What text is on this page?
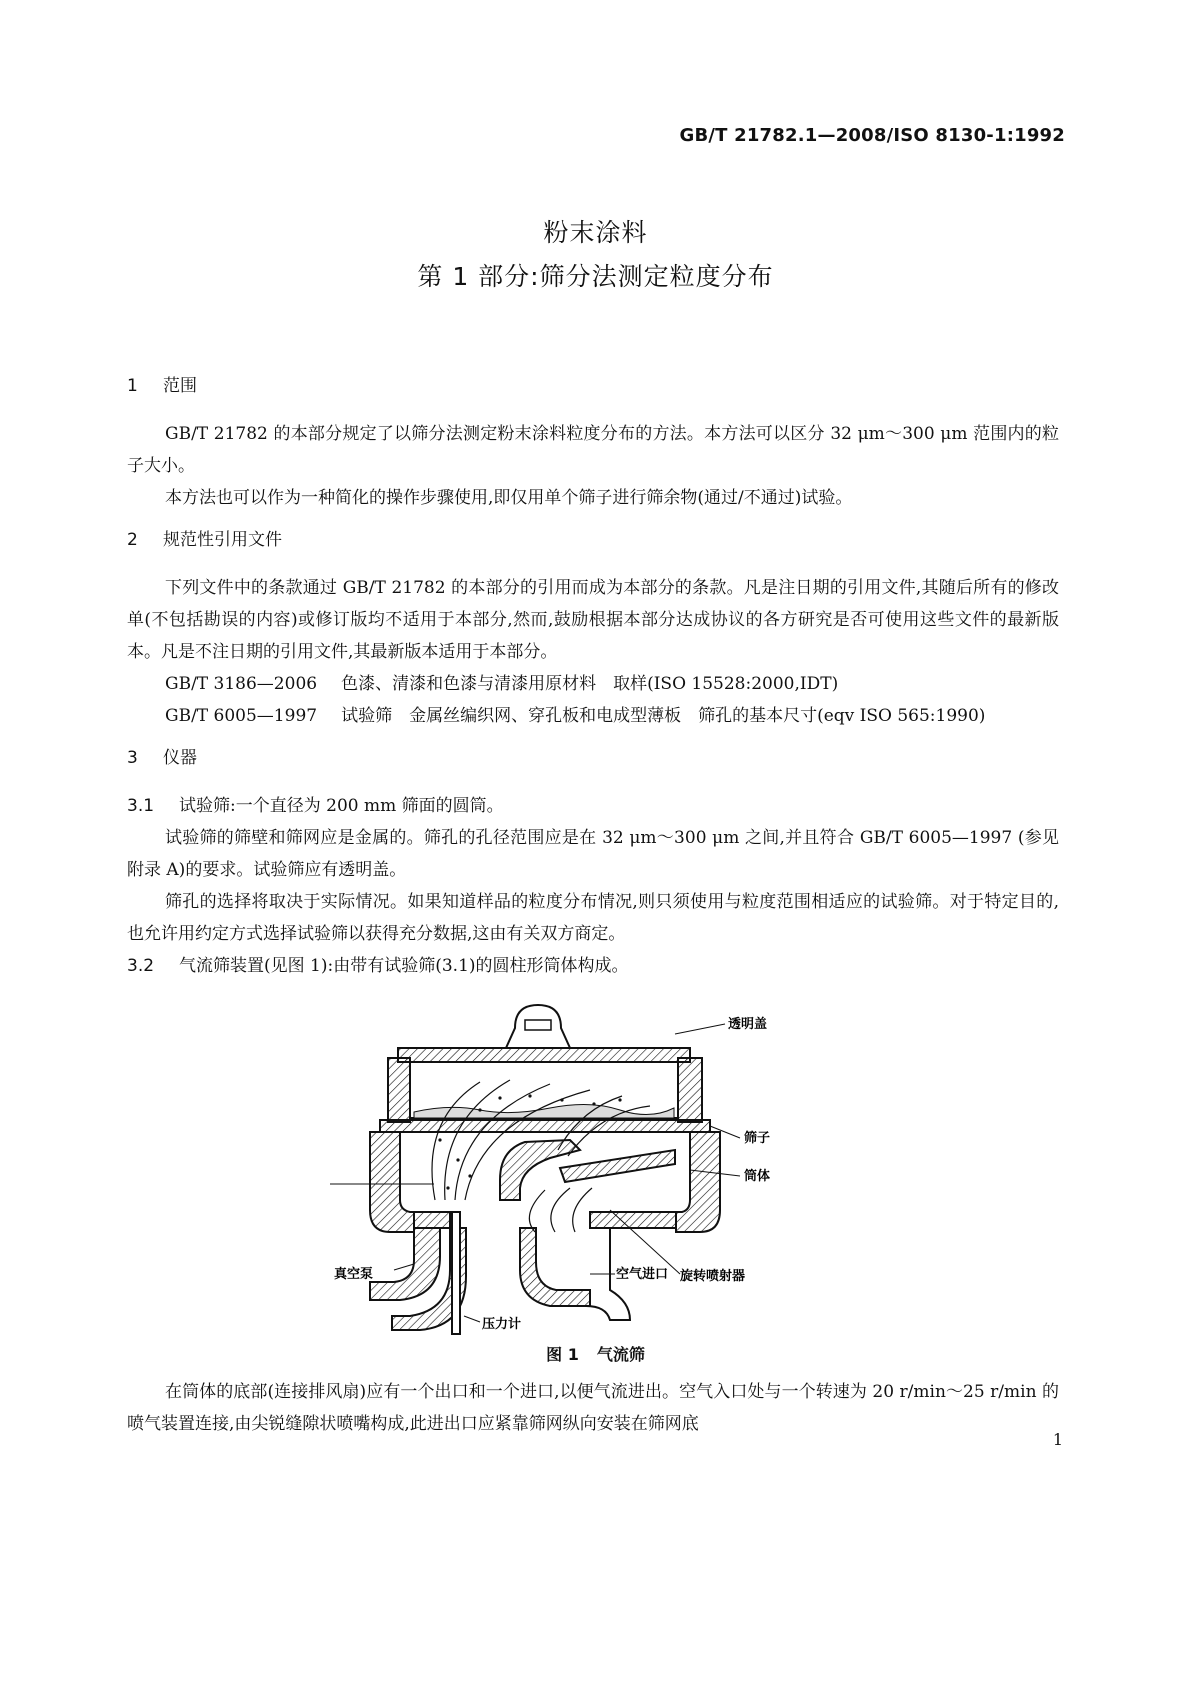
GB/T 21782.1—2008/ISO 8130-1:1992
粉末涂料
第 1 部分:筛分法测定粒度分布
1 范围

GB/T 21782 的本部分规定了以筛分法测定粉末涂料粒度分布的方法。本方法可以区分 32 μm～300 μm 范围内的粒子大小。

本方法也可以作为一种简化的操作步骤使用,即仅用单个筛子进行筛余物(通过/不通过)试验。

2 规范性引用文件

下列文件中的条款通过 GB/T 21782 的本部分的引用而成为本部分的条款。凡是注日期的引用文件,其随后所有的修改单(不包括勘误的内容)或修订版均不适用于本部分,然而,鼓励根据本部分达成协议的各方研究是否可使用这些文件的最新版本。凡是不注日期的引用文件,其最新版本适用于本部分。

GB/T 3186—2006 色漆、清漆和色漆与清漆用原材料　取样(ISO 15528:2000,IDT)

GB/T 6005—1997 试验筛　金属丝编织网、穿孔板和电成型薄板　筛孔的基本尺寸(eqv ISO 565:1990)

3 仪器

3.1 试验筛:一个直径为 200 mm 筛面的圆筒。

试验筛的筛壁和筛网应是金属的。筛孔的孔径范围应是在 32 μm～300 μm 之间,并且符合 GB/T 6005—1997 (参见附录 A)的要求。试验筛应有透明盖。

筛孔的选择将取决于实际情况。如果知道样品的粒度分布情况,则只须使用与粒度范围相适应的试验筛。对于特定目的,也允许用约定方式选择试验筛以获得充分数据,这由有关双方商定。

3.2 气流筛装置(见图 1):由带有试验筛(3.1)的圆柱形筒体构成。

透明盖
筛子
筒体
真空泵	空气进口 旋转喷射器
压力计
图 1 气流筛

在筒体的底部(连接排风扇)应有一个出口和一个进口,以便气流进出。空气入口处与一个转速为 20 r/min～25 r/min 的喷气装置连接,由尖锐缝隙状喷嘴构成,此进出口应紧靠筛网纵向安装在筛网底

1
